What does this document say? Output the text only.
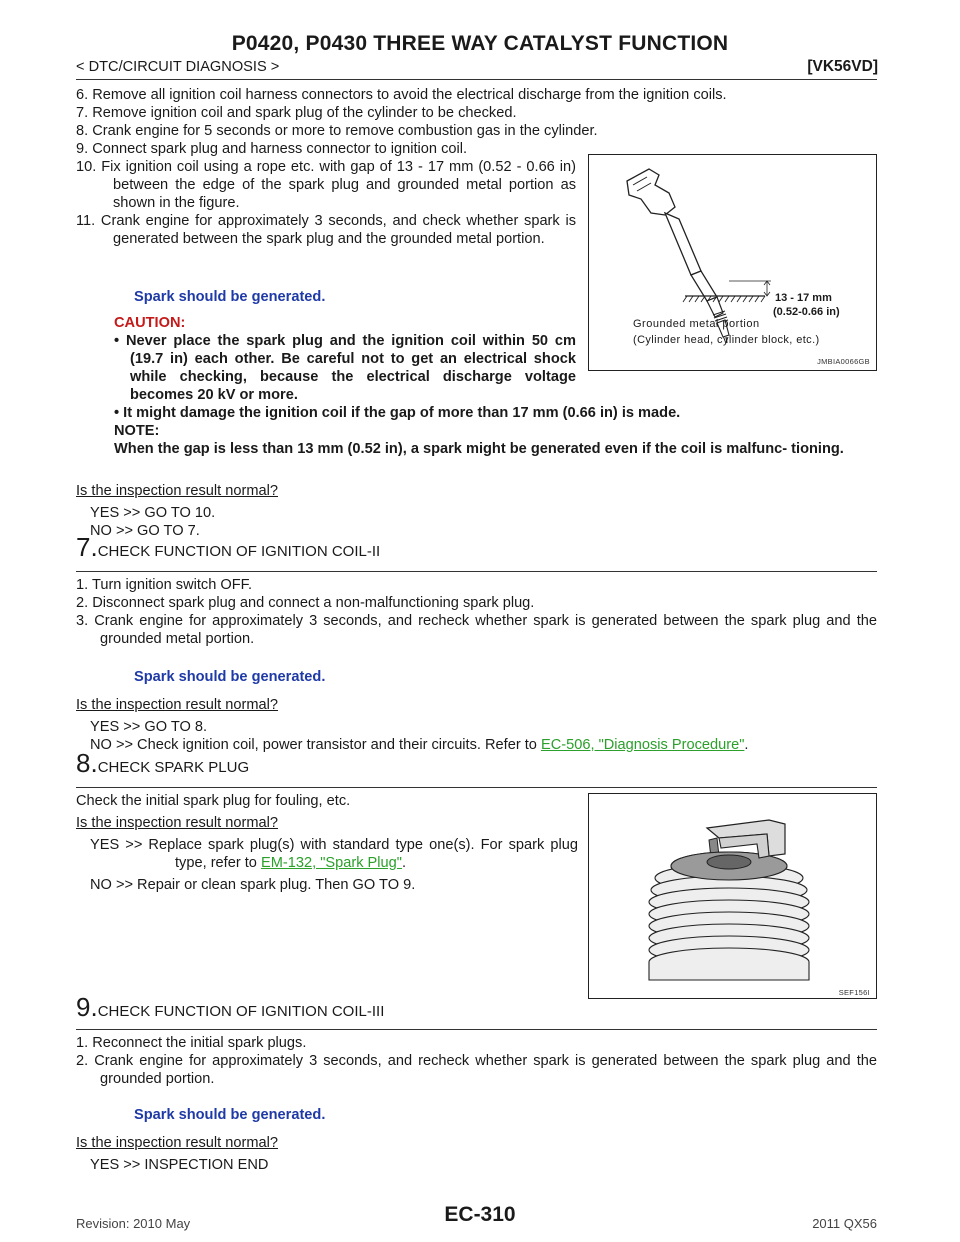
P0420, P0430 THREE WAY CATALYST FUNCTION
< DTC/CIRCUIT DIAGNOSIS >	[VK56VD]
6. Remove all ignition coil harness connectors to avoid the electrical discharge from the ignition coils.
7. Remove ignition coil and spark plug of the cylinder to be checked.
8. Crank engine for 5 seconds or more to remove combustion gas in the cylinder.
9. Connect spark plug and harness connector to ignition coil.
10. Fix ignition coil using a rope etc. with gap of 13 - 17 mm (0.52 - 0.66 in) between the edge of the spark plug and grounded metal portion as shown in the figure.
11. Crank engine for approximately 3 seconds, and check whether spark is generated between the spark plug and the grounded metal portion.
Spark should be generated.
CAUTION:
• Never place the spark plug and the ignition coil within 50 cm (19.7 in) each other. Be careful not to get an electrical shock while checking, because the electrical discharge voltage becomes 20 kV or more.
• It might damage the ignition coil if the gap of more than 17 mm (0.66 in) is made.
NOTE:
When the gap is less than 13 mm (0.52 in), a spark might be generated even if the coil is malfunc- tioning.
Is the inspection result normal?
YES >> GO TO 10.
NO >> GO TO 7.
13 - 17 mm
(0.52-0.66 in)
Grounded metal portion
(Cylinder head, cylinder block, etc.)
JMBIA0066GB
7.CHECK FUNCTION OF IGNITION COIL-II
1. Turn ignition switch OFF.
2. Disconnect spark plug and connect a non-malfunctioning spark plug.
3. Crank engine for approximately 3 seconds, and recheck whether spark is generated between the spark plug and the grounded metal portion.
Spark should be generated.
Is the inspection result normal?
YES >> GO TO 8.
NO >> Check ignition coil, power transistor and their circuits. Refer to EC-506, "Diagnosis Procedure".
8.CHECK SPARK PLUG
Check the initial spark plug for fouling, etc.
Is the inspection result normal?
YES >> Replace spark plug(s) with standard type one(s). For spark plug type, refer to EM-132, "Spark Plug".
NO >> Repair or clean spark plug. Then GO TO 9.
SEF156I
9.CHECK FUNCTION OF IGNITION COIL-III
1. Reconnect the initial spark plugs.
2. Crank engine for approximately 3 seconds, and recheck whether spark is generated between the spark plug and the grounded portion.
Spark should be generated.
Is the inspection result normal?
YES >> INSPECTION END
Revision: 2010 May	EC-310	2011 QX56
